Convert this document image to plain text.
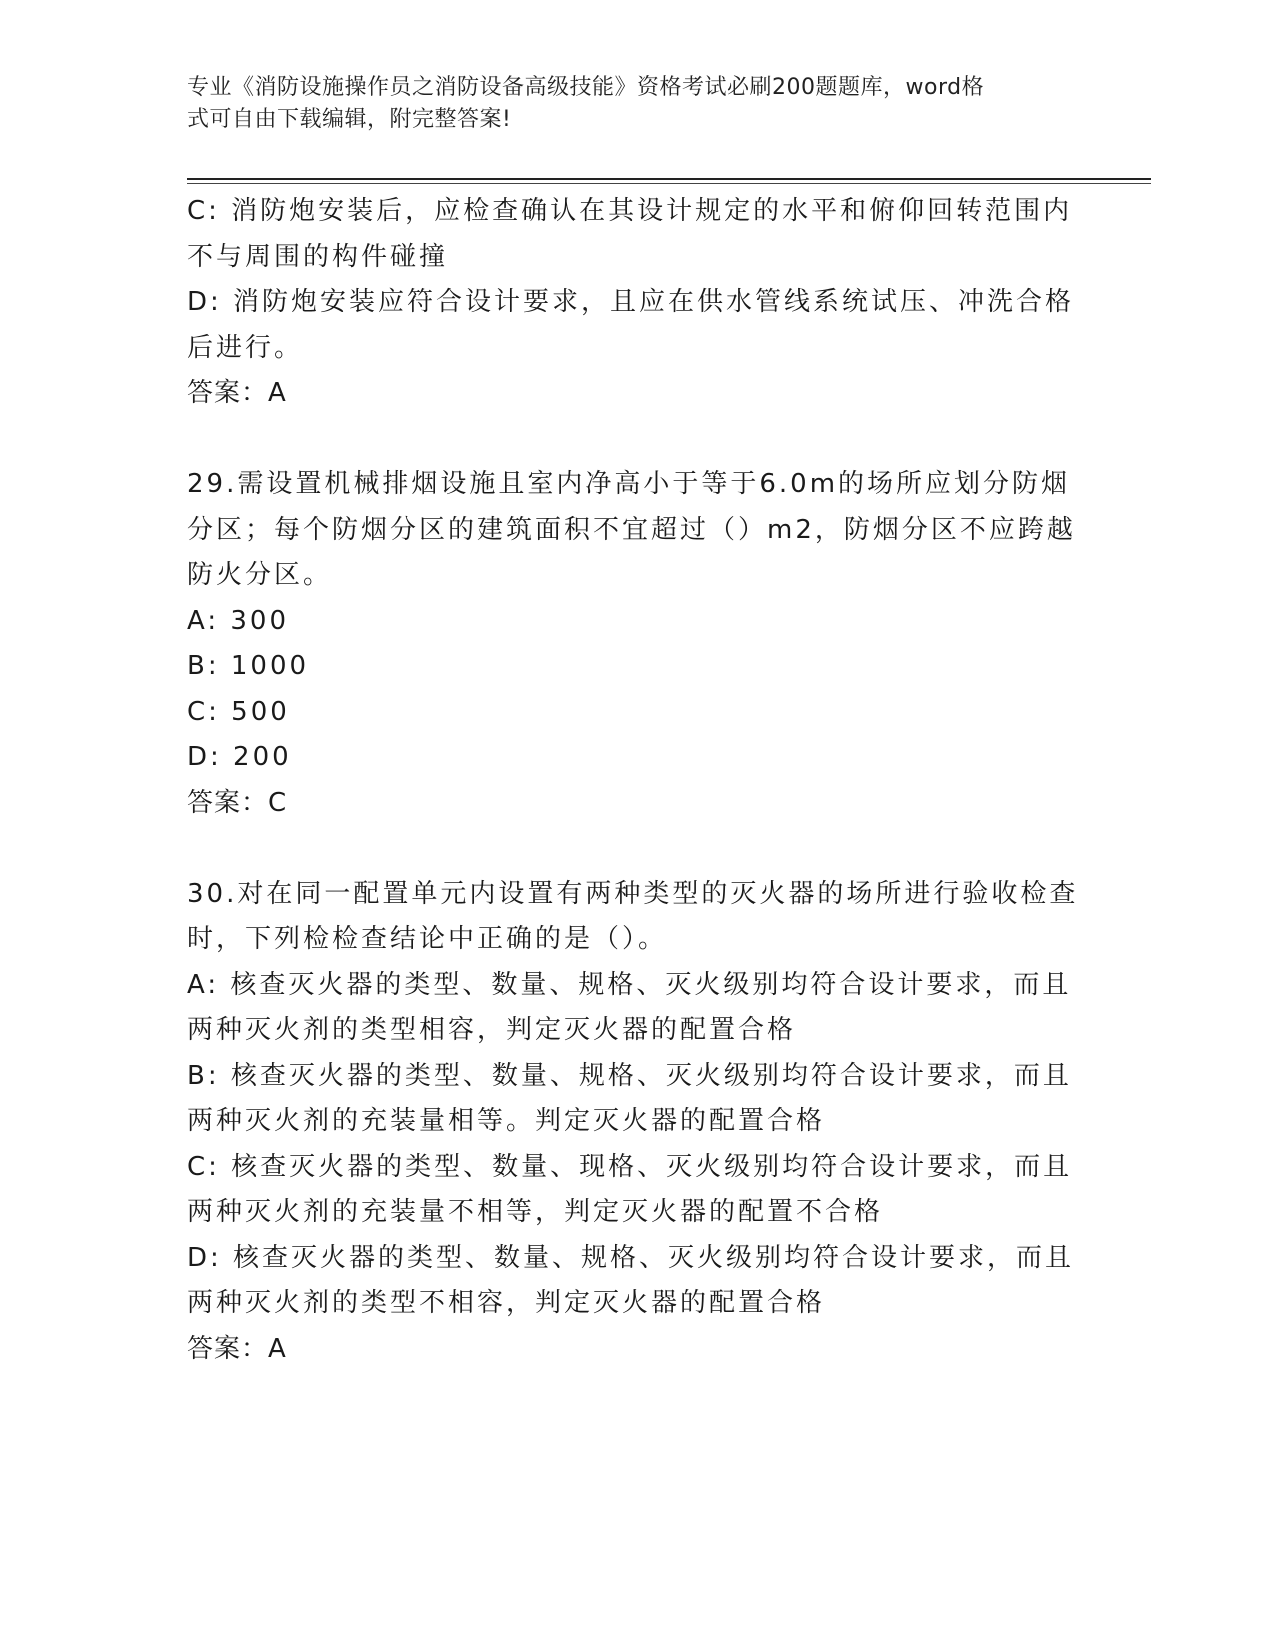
专业《消防设施操作员之消防设备高级技能》资格考试必刷200题题库，word格
式可自由下载编辑，附完整答案!
C: 消防炮安装后，应检查确认在其设计规定的水平和俯仰回转范围内
不与周围的构件碰撞
D: 消防炮安装应符合设计要求，且应在供水管线系统试压、冲洗合格
后进行。
答案：A
29.需设置机械排烟设施且室内净高小于等于6.0m的场所应划分防烟
分区；每个防烟分区的建筑面积不宜超过（）m2，防烟分区不应跨越
防火分区。
A: 300
B: 1000
C: 500
D: 200
答案：C
30.对在同一配置单元内设置有两种类型的灭火器的场所进行验收检查
时，下列检检查结论中正确的是（）。
A: 核查灭火器的类型、数量、规格、灭火级别均符合设计要求，而且
两种灭火剂的类型相容，判定灭火器的配置合格
B: 核查灭火器的类型、数量、规格、灭火级别均符合设计要求，而且
两种灭火剂的充装量相等。判定灭火器的配置合格
C: 核查灭火器的类型、数量、现格、灭火级别均符合设计要求，而且
两种灭火剂的充装量不相等，判定灭火器的配置不合格
D: 核查灭火器的类型、数量、规格、灭火级别均符合设计要求，而且
两种灭火剂的类型不相容，判定灭火器的配置合格
答案：A
